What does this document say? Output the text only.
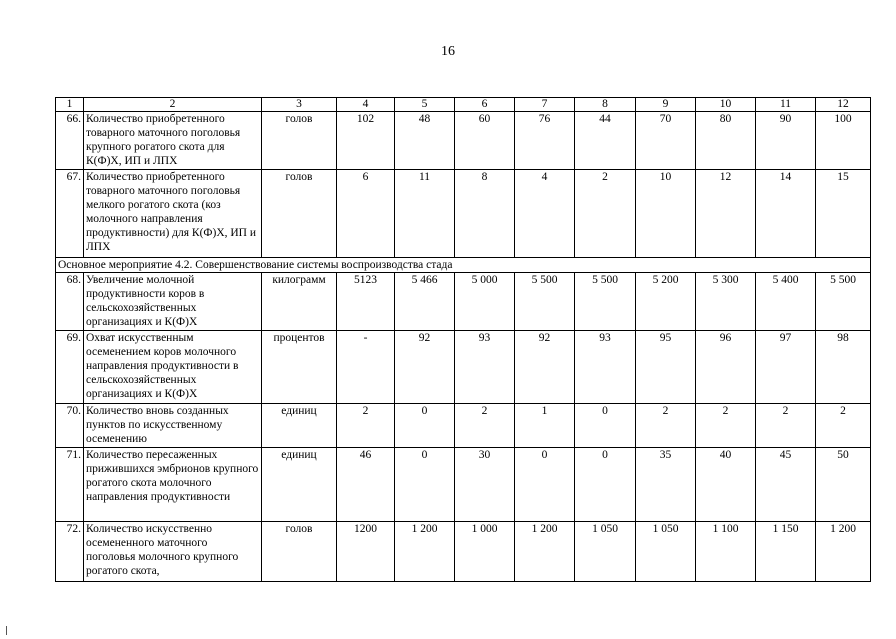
16
1	2	3	4	5	6	7	8	9	10	11	12
66.	Количество приобретенного товарного маточного поголовья крупного рогатого скота для К(Ф)Х, ИП и ЛПХ	голов	102	48	60	76	44	70	80	90	100
67.	Количество приобретенного товарного маточного поголовья мелкого рогатого скота (коз молочного направления продуктивности) для К(Ф)Х, ИП и ЛПХ	голов	6	11	8	4	2	10	12	14	15
Основное мероприятие 4.2. Совершенствование системы воспроизводства стада											
68.	Увеличение молочной продуктивности коров в сельскохозяйственных организациях и К(Ф)Х	килограмм	5123	5 466	5 000	5 500	5 500	5 200	5 300	5 400	5 500
69.	Охват искусственным осеменением коров молочного направления продуктивности в сельскохозяйственных организациях и К(Ф)Х	процентов	-	92	93	92	93	95	96	97	98
70.	Количество вновь созданных пунктов по искусственному осеменению	единиц	2	0	2	1	0	2	2	2	2
71.	Количество пересаженных прижившихся эмбрионов крупного рогатого скота молочного направления продуктивности	единиц	46	0	30	0	0	35	40	45	50
72.	Количество искусственно осемененного маточного поголовья молочного крупного рогатого скота,	голов	1200	1 200	1 000	1 200	1 050	1 050	1 100	1 150	1 200
